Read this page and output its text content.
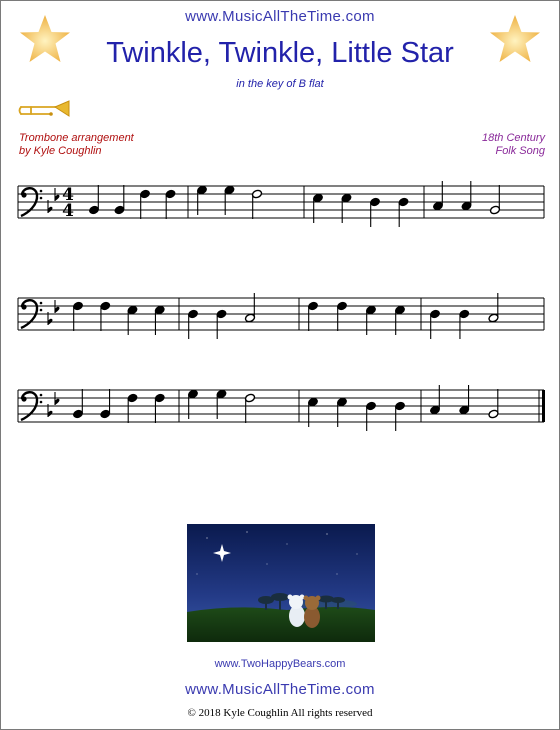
www.MusicAllTheTime.com
Twinkle, Twinkle, Little Star
in the key of B flat
Trombone arrangement
by Kyle Coughlin
18th Century
Folk Song
4
4
www.TwoHappyBears.com
www.MusicAllTheTime.com
© 2018 Kyle Coughlin All rights reserved
